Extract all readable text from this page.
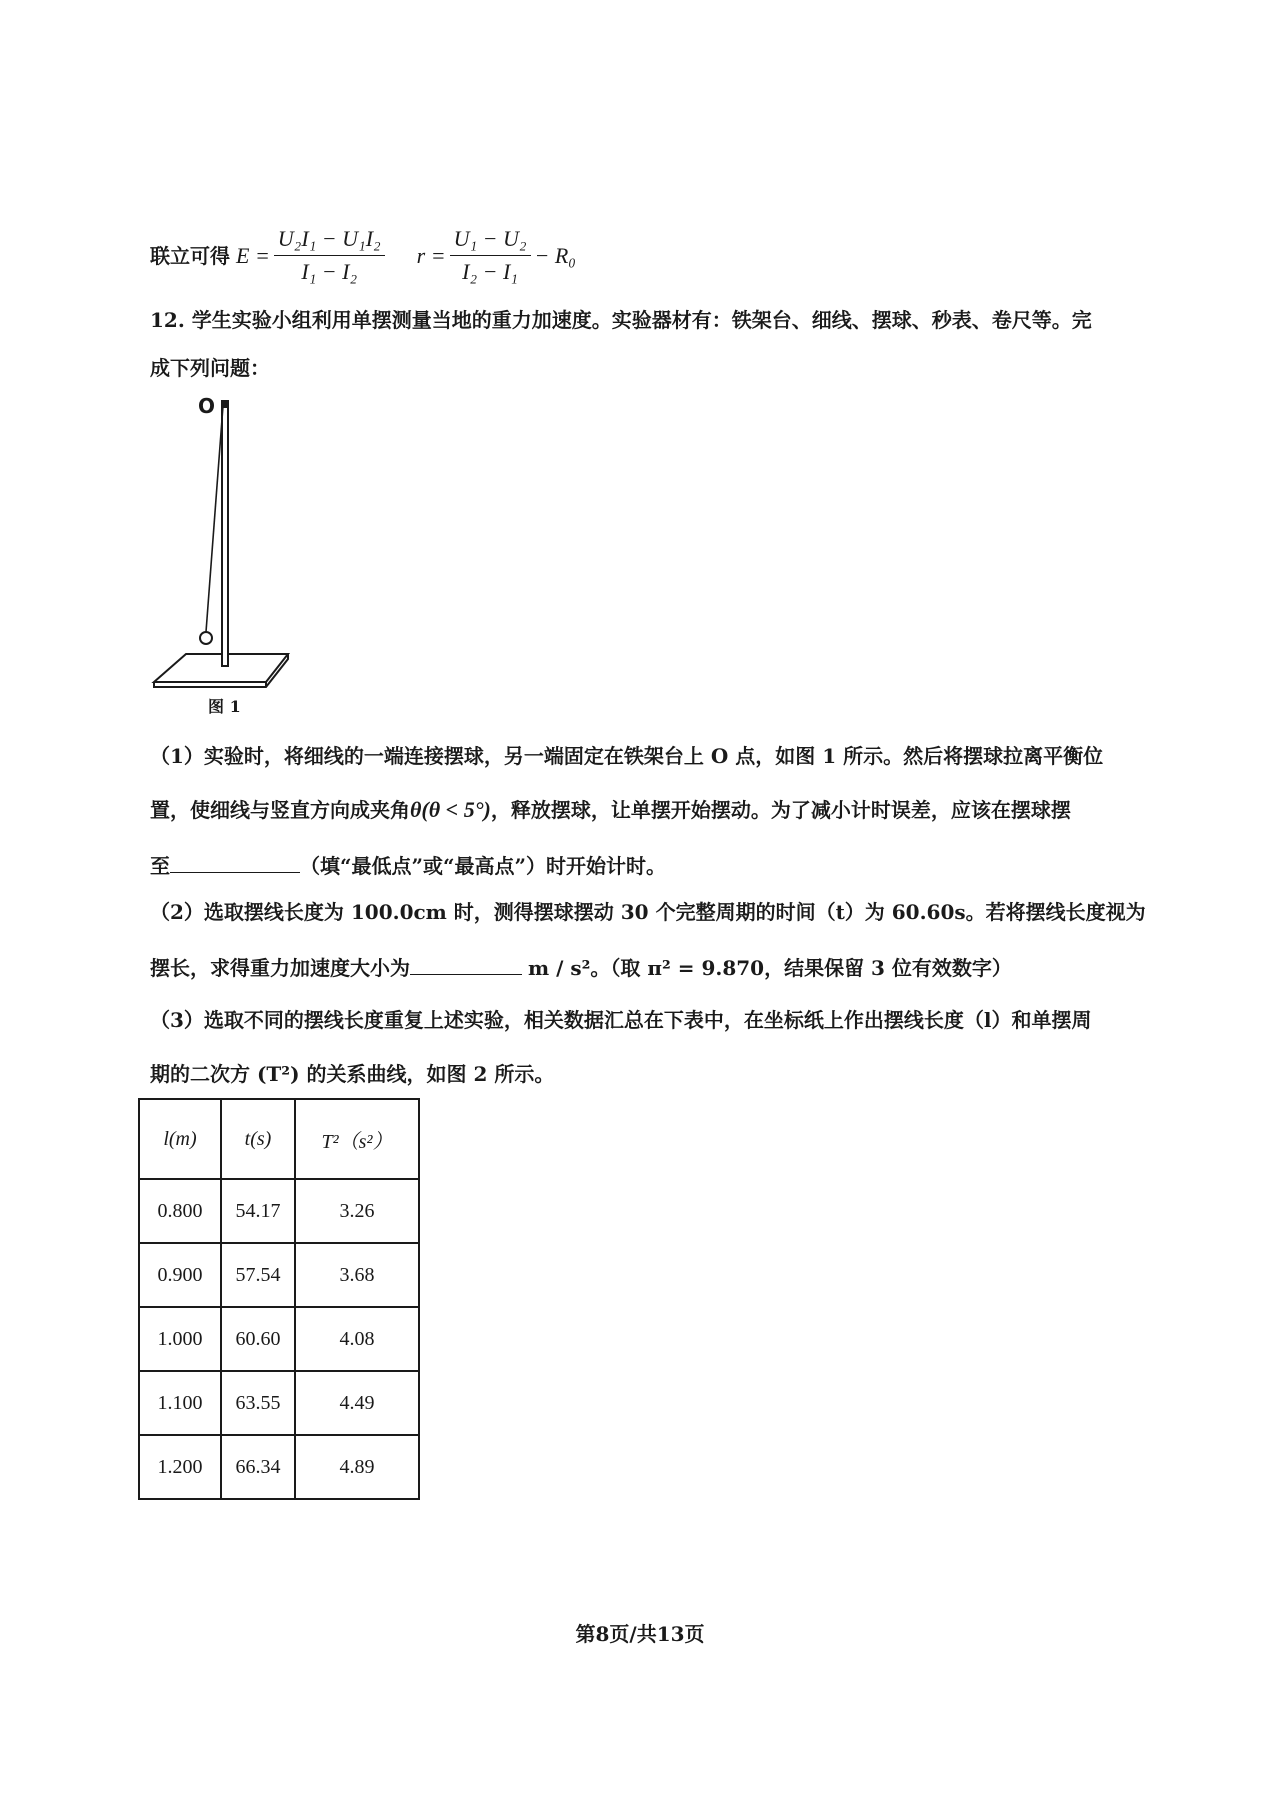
联立可得 $E = \frac{\text{U₂I₁ − U₁I₂}}{\text{I₁ − I₂}}$ $r = \frac{\text{U₁ − U₂}}{\text{I₂ − I₁}} - R_0$
12. 学生实验小组利用单摆测量当地的重力加速度。实验器材有：铁架台、细线、摆球、秒表、卷尺等。完
成下列问题：
O
图 1
（1）实验时，将细线的一端连接摆球，另一端固定在铁架台上 O 点，如图 1 所示。然后将摆球拉离平衡位
置，使细线与竖直方向成夹角θ(θ < 5°)，释放摆球，让单摆开始摆动。为了减小计时误差，应该在摆球摆
至	（填“最低点”或“最高点”）时开始计时。
（2）选取摆线长度为 100.0cm 时，测得摆球摆动 30 个完整周期的时间（t）为 60.60s。若将摆线长度视为
摆长，求得重力加速度大小为	m / s²。（取 π² = 9.870，结果保留 3 位有效数字）
（3）选取不同的摆线长度重复上述实验，相关数据汇总在下表中，在坐标纸上作出摆线长度（l）和单摆周
期的二次方 (T²) 的关系曲线，如图 2 所示。
l(m)	t(s)	T²（s²）
0.800	54.17	3.26
0.900	57.54	3.68
1.000	60.60	4.08
1.100	63.55	4.49
1.200	66.34	4.89
第8页/共13页
